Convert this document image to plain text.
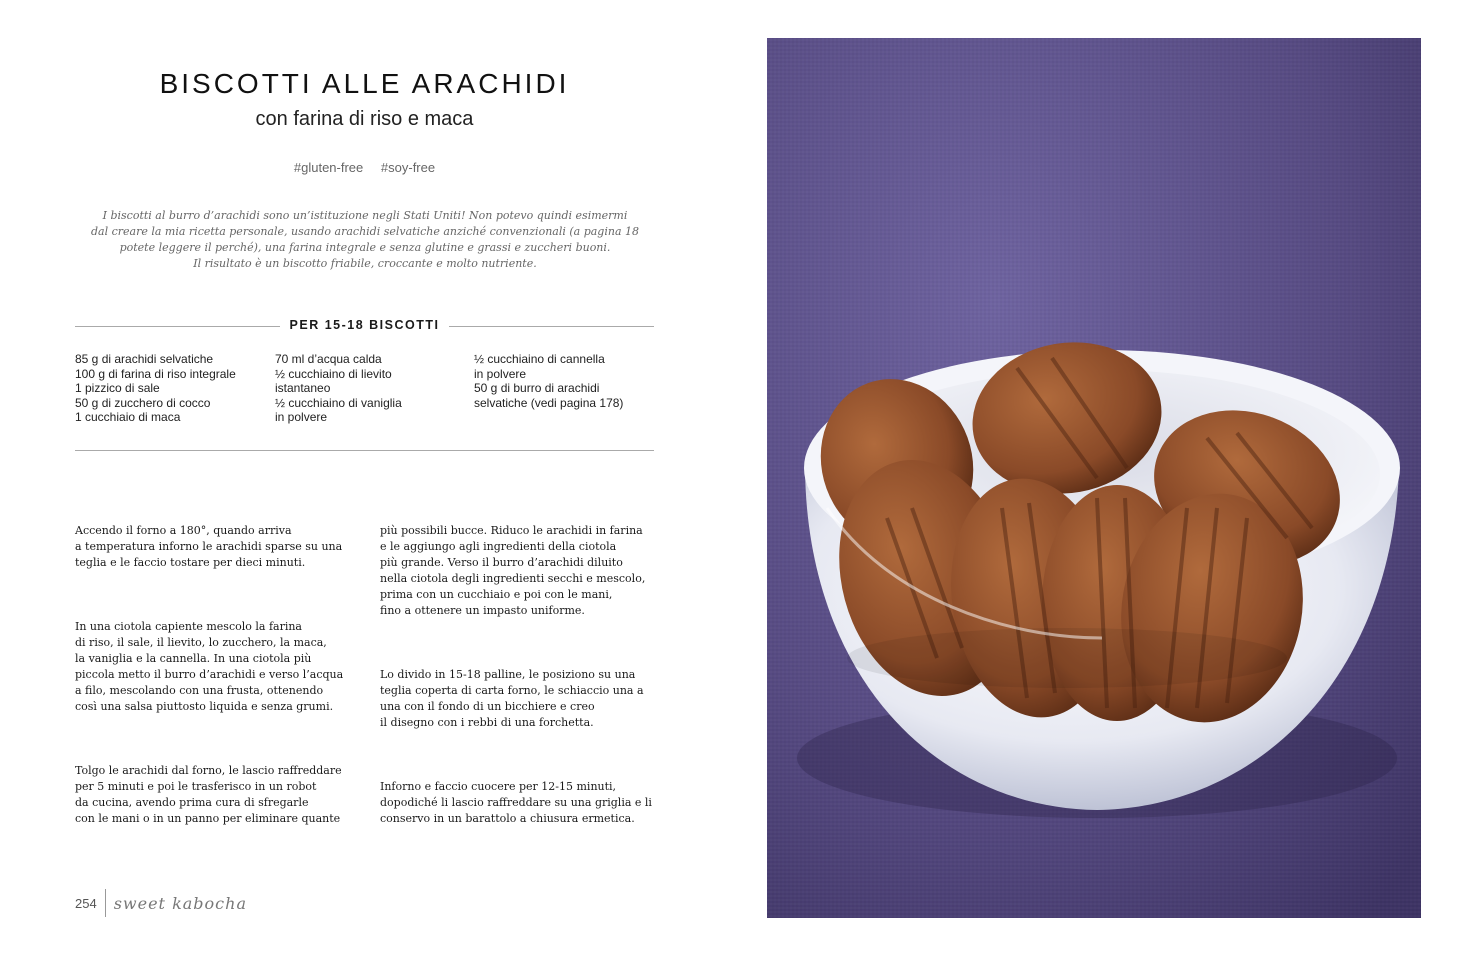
BISCOTTI ALLE ARACHIDI

con farina di riso e maca

#gluten-free #soy-free
I biscotti al burro d’arachidi sono un’istituzione negli Stati Uniti! Non potevo quindi esimermi
dal creare la mia ricetta personale, usando arachidi selvatiche anziché convenzionali (a pagina 18
potete leggere il perché), una farina integrale e senza glutine e grassi e zuccheri buoni.
Il risultato è un biscotto friabile, croccante e molto nutriente.
PER 15-18 BISCOTTI
85 g di arachidi selvatiche
100 g di farina di riso integrale
1 pizzico di sale
50 g di zucchero di cocco
1 cucchiaio di maca
70 ml d’acqua calda
½ cucchiaino di lievito
istantaneo
½ cucchiaino di vaniglia
in polvere
½ cucchiaino di cannella
in polvere
50 g di burro di arachidi
selvatiche (vedi pagina 178)

Accendo il forno a 180°, quando arriva
a temperatura inforno le arachidi sparse su una
teglia e le faccio tostare per dieci minuti.

In una ciotola capiente mescolo la farina
di riso, il sale, il lievito, lo zucchero, la maca,
la vaniglia e la cannella. In una ciotola più
piccola metto il burro d’arachidi e verso l’acqua
a filo, mescolando con una frusta, ottenendo
così una salsa piuttosto liquida e senza grumi.

Tolgo le arachidi dal forno, le lascio raffreddare
per 5 minuti e poi le trasferisco in un robot
da cucina, avendo prima cura di sfregarle
con le mani o in un panno per eliminare quante

più possibili bucce. Riduco le arachidi in farina
e le aggiungo agli ingredienti della ciotola
più grande. Verso il burro d’arachidi diluito
nella ciotola degli ingredienti secchi e mescolo,
prima con un cucchiaio e poi con le mani,
fino a ottenere un impasto uniforme.

Lo divido in 15-18 palline, le posiziono su una
teglia coperta di carta forno, le schiaccio una a
una con il fondo di un bicchiere e creo
il disegno con i rebbi di una forchetta.

Inforno e faccio cuocere per 12-15 minuti,
dopodiché li lascio raffreddare su una griglia e li
conservo in un barattolo a chiusura ermetica.

254 sweet kabocha
